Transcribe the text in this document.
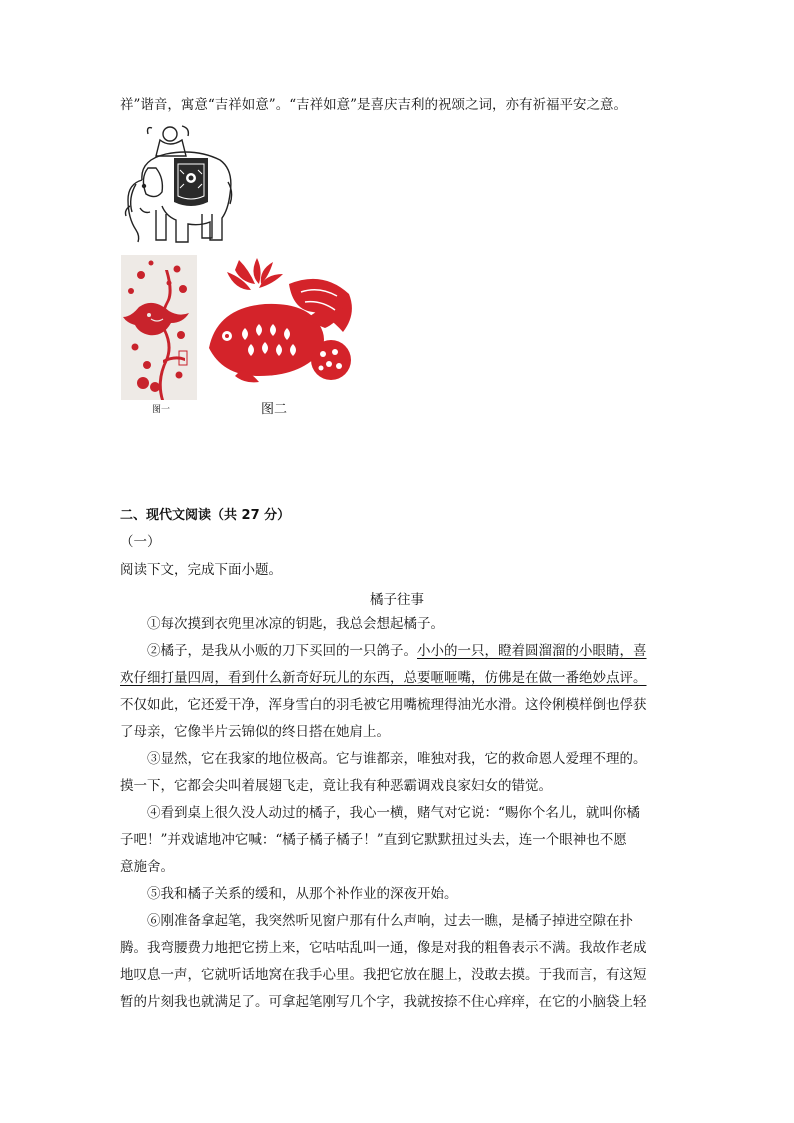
祥”谐音，寓意“吉祥如意”。“吉祥如意”是喜庆吉利的祝颂之词，亦有祈福平安之意。
图一	图二
二、现代文阅读（共 27 分）
（一）
阅读下文，完成下面小题。
橘子往事
①每次摸到衣兜里冰凉的钥匙，我总会想起橘子。
②橘子，是我从小贩的刀下买回的一只鸽子。小小的一只，瞪着圆溜溜的小眼睛，喜
欢仔细打量四周，看到什么新奇好玩儿的东西，总要咂咂嘴，仿佛是在做一番绝妙点评。
不仅如此，它还爱干净，浑身雪白的羽毛被它用嘴梳理得油光水滑。这伶俐模样倒也俘获
了母亲，它像半片云锦似的终日搭在她肩上。
③显然，它在我家的地位极高。它与谁都亲，唯独对我，它的救命恩人爱理不理的。
摸一下，它都会尖叫着展翅飞走，竟让我有种恶霸调戏良家妇女的错觉。
④看到桌上很久没人动过的橘子，我心一横，赌气对它说：“赐你个名儿，就叫你橘
子吧！”并戏谑地冲它喊：“橘子橘子橘子！”直到它默默扭过头去，连一个眼神也不愿
意施舍。
⑤我和橘子关系的缓和，从那个补作业的深夜开始。
⑥刚准备拿起笔，我突然听见窗户那有什么声响，过去一瞧，是橘子掉进空隙在扑
腾。我弯腰费力地把它捞上来，它咕咕乱叫一通，像是对我的粗鲁表示不满。我故作老成
地叹息一声，它就听话地窝在我手心里。我把它放在腿上，没敢去摸。于我而言，有这短
暂的片刻我也就满足了。可拿起笔刚写几个字，我就按捺不住心痒痒，在它的小脑袋上轻
